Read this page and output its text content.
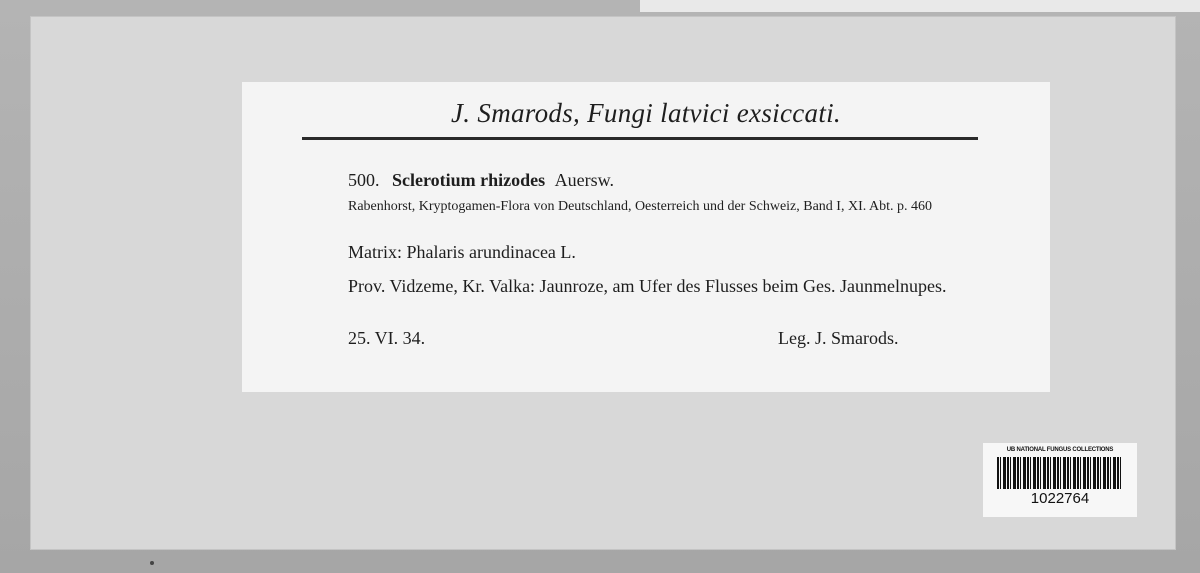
J. Smarods, Fungi latvici exsiccati.
500. Sclerotium rhizodes Auersw.
Rabenhorst, Kryptogamen-Flora von Deutschland, Oesterreich und der Schweiz, Band I, XI. Abt. p. 460
Matrix: Phalaris arundinacea L.
Prov. Vidzeme, Kr. Valka: Jaunroze, am Ufer des Flusses beim Ges. Jaunmelnupes.
25. VI. 34.	Leg. J. Smarods.
UB NATIONAL FUNGUS COLLECTIONS
1022764
